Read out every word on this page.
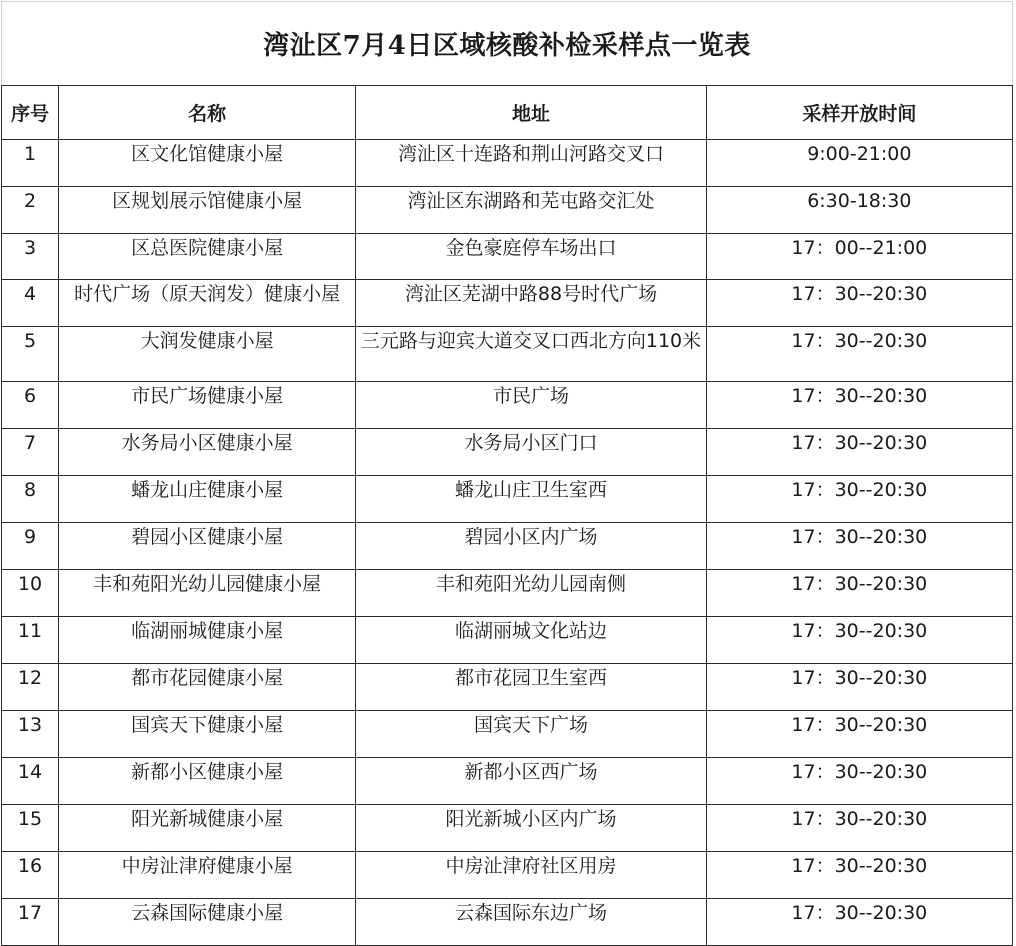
湾沚区7月4日区域核酸补检采样点一览表			
序号	名称	地址	采样开放时间

1	区文化馆健康小屋	湾沚区十连路和荆山河路交叉口	9:00-21:00

2	区规划展示馆健康小屋	湾沚区东湖路和芜屯路交汇处	6:30-18:30

3	区总医院健康小屋	金色豪庭停车场出口	17：00--21:00

4	时代广场（原天润发）健康小屋	湾沚区芜湖中路88号时代广场	17：30--20:30

5	大润发健康小屋	三元路与迎宾大道交叉口西北方向110米	17：30--20:30

6	市民广场健康小屋	市民广场	17：30--20:30

7	水务局小区健康小屋	水务局小区门口	17：30--20:30

8	蟠龙山庄健康小屋	蟠龙山庄卫生室西	17：30--20:30

9	碧园小区健康小屋	碧园小区内广场	17：30--20:30

10	丰和苑阳光幼儿园健康小屋	丰和苑阳光幼儿园南侧	17：30--20:30

11	临湖丽城健康小屋	临湖丽城文化站边	17：30--20:30

12	都市花园健康小屋	都市花园卫生室西	17：30--20:30

13	国宾天下健康小屋	国宾天下广场	17：30--20:30

14	新都小区健康小屋	新都小区西广场	17：30--20:30

15	阳光新城健康小屋	阳光新城小区内广场	17：30--20:30

16	中房沚津府健康小屋	中房沚津府社区用房	17：30--20:30

17	云森国际健康小屋	云森国际东边广场	17：30--20:30
